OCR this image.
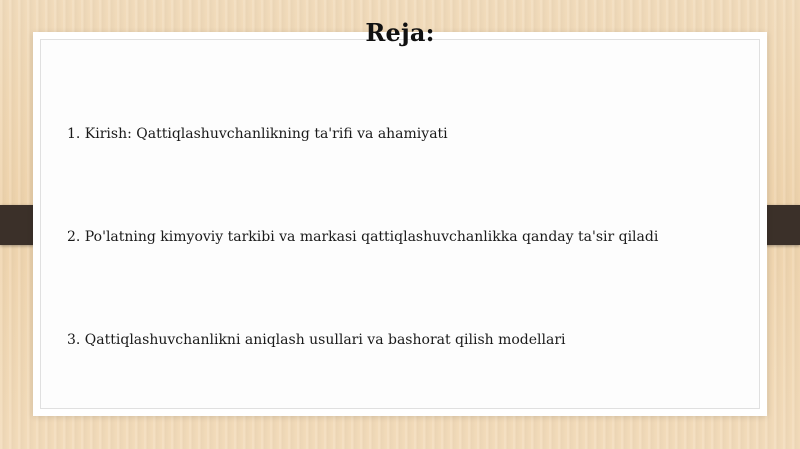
Reja:
1. Kirish: Qattiqlashuvchanlikning ta'rifi va ahamiyati
2. Po'latning kimyoviy tarkibi va markasi qattiqlashuvchanlikka qanday ta'sir qiladi
3. Qattiqlashuvchanlikni aniqlash usullari va bashorat qilish modellari
